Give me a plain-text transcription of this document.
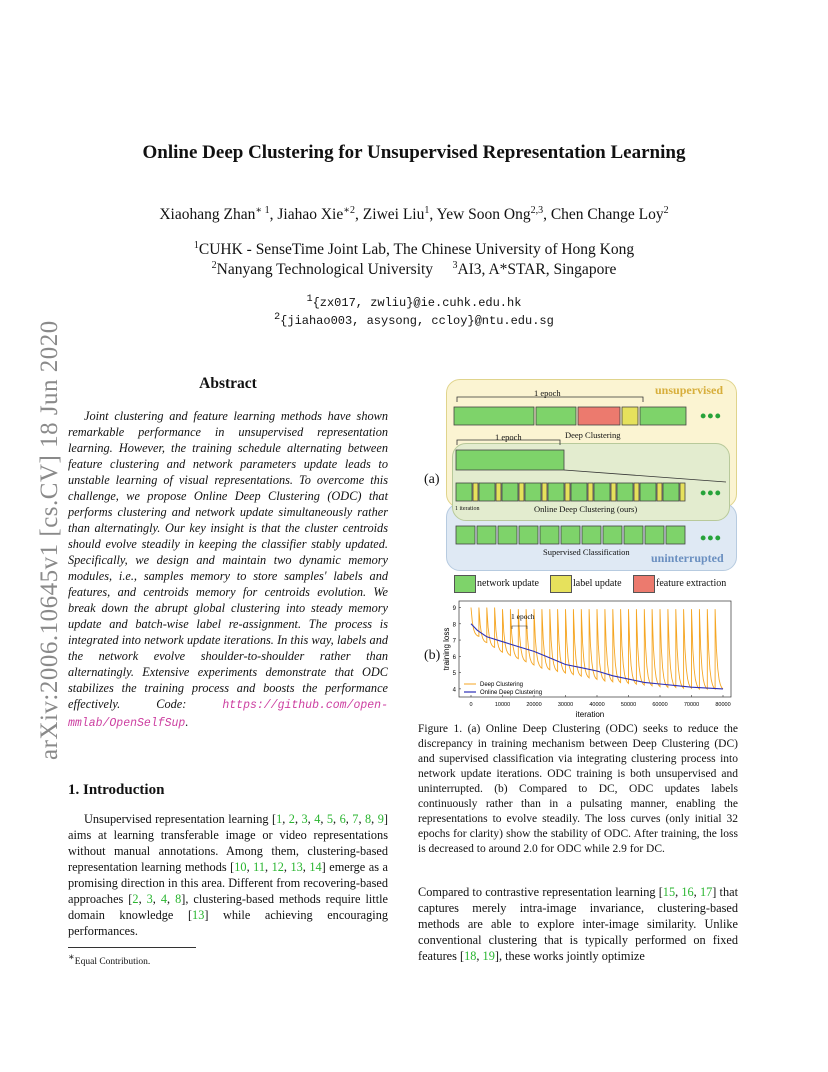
arXiv:2006.10645v1 [cs.CV] 18 Jun 2020
Online Deep Clustering for Unsupervised Representation Learning
Xiaohang Zhan$^{∗ 1}$, Jiahao Xie$^{∗2}$, Ziwei Liu$^1$, Yew Soon Ong$^{2,3}$, Chen Change Loy$^2$
$^1$CUHK - SenseTime Joint Lab, The Chinese University of Hong Kong
$^2$Nanyang Technological University $^3$AI3, A*STAR, Singapore
$^1${zx017, zwliu}@ie.cuhk.edu.hk
$^2${jiahao003, asysong, ccloy}@ntu.edu.sg
Abstract
Joint clustering and feature learning methods have shown remarkable performance in unsupervised representation learning. However, the training schedule alternating between feature clustering and network parameters update leads to unstable learning of visual representations. To overcome this challenge, we propose Online Deep Clustering (ODC) that performs clustering and network update simultaneously rather than alternatingly. Our key insight is that the cluster centroids should evolve steadily in keeping the classifier stably updated. Specifically, we design and maintain two dynamic memory modules, i.e., samples memory to store samples' labels and features, and centroids memory for centroids evolution. We break down the abrupt global clustering into steady memory update and batch-wise label re-assignment. The process is integrated into network update iterations. In this way, labels and the network evolve shoulder-to-shoulder rather than alternatingly. Extensive experiments demonstrate that ODC stabilizes the training process and boosts the performance effectively. Code:	https://github.com/open-mmlab/OpenSelfSup.
1. Introduction
Unsupervised representation learning [1, 2, 3, 4, 5, 6, 7, 8, 9] aims at learning transferable image or video representations without manual annotations. Among them, clustering-based representation learning methods [10, 11, 12, 13, 14] emerge as a promising direction in this area. Different from recovering-based approaches [2, 3, 4, 8], clustering-based methods require little domain knowledge [13] while achieving encouraging performances.
∗Equal Contribution.
(a)
1 epoch	unsupervised
•••
1 epoch	Deep Clustering
•••
1 iteration	Online Deep Clustering (ours)
•••
Supervised Classification uninterrupted
network update	label update	feature extraction
(b)
4
5
6
7
8
9
0	10000	20000	30000	40000	50000	60000	70000	80000
1 epoch
Deep Clustering
Online Deep Clustering
iteration
training loss
Figure 1. (a) Online Deep Clustering (ODC) seeks to reduce the discrepancy in training mechanism between Deep Clustering (DC) and supervised classification via integrating clustering process into network update iterations. ODC training is both unsupervised and uninterrupted. (b) Compared to DC, ODC updates labels continuously rather than in a pulsating manner, enabling the representations to evolve steadily. The loss curves (only initial 32 epochs for clarity) show the stability of ODC. After training, the loss is decreased to around 2.0 for ODC while 2.9 for DC.
Compared to contrastive representation learning [15, 16, 17] that captures merely intra-image invariance, clustering-based methods are able to explore inter-image similarity. Unlike conventional clustering that is typically performed on fixed features [18, 19], these works jointly optimize
